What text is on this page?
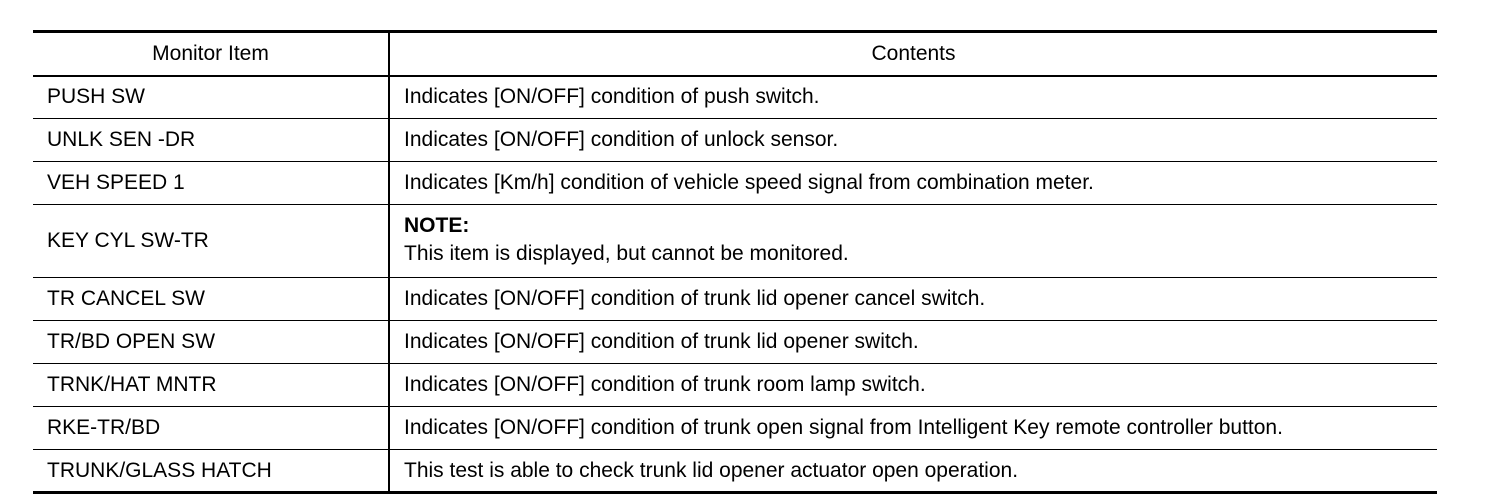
Monitor Item	Contents
PUSH SW	Indicates [ON/OFF] condition of push switch.
UNLK SEN -DR	Indicates [ON/OFF] condition of unlock sensor.
VEH SPEED 1	Indicates [Km/h] condition of vehicle speed signal from combination meter.
KEY CYL SW-TR	NOTE:
This item is displayed, but cannot be monitored.

TR CANCEL SW	Indicates [ON/OFF] condition of trunk lid opener cancel switch.
TR/BD OPEN SW	Indicates [ON/OFF] condition of trunk lid opener switch.
TRNK/HAT MNTR	Indicates [ON/OFF] condition of trunk room lamp switch.
RKE-TR/BD	Indicates [ON/OFF] condition of trunk open signal from Intelligent Key remote controller button.
TRUNK/GLASS HATCH	This test is able to check trunk lid opener actuator open operation.
